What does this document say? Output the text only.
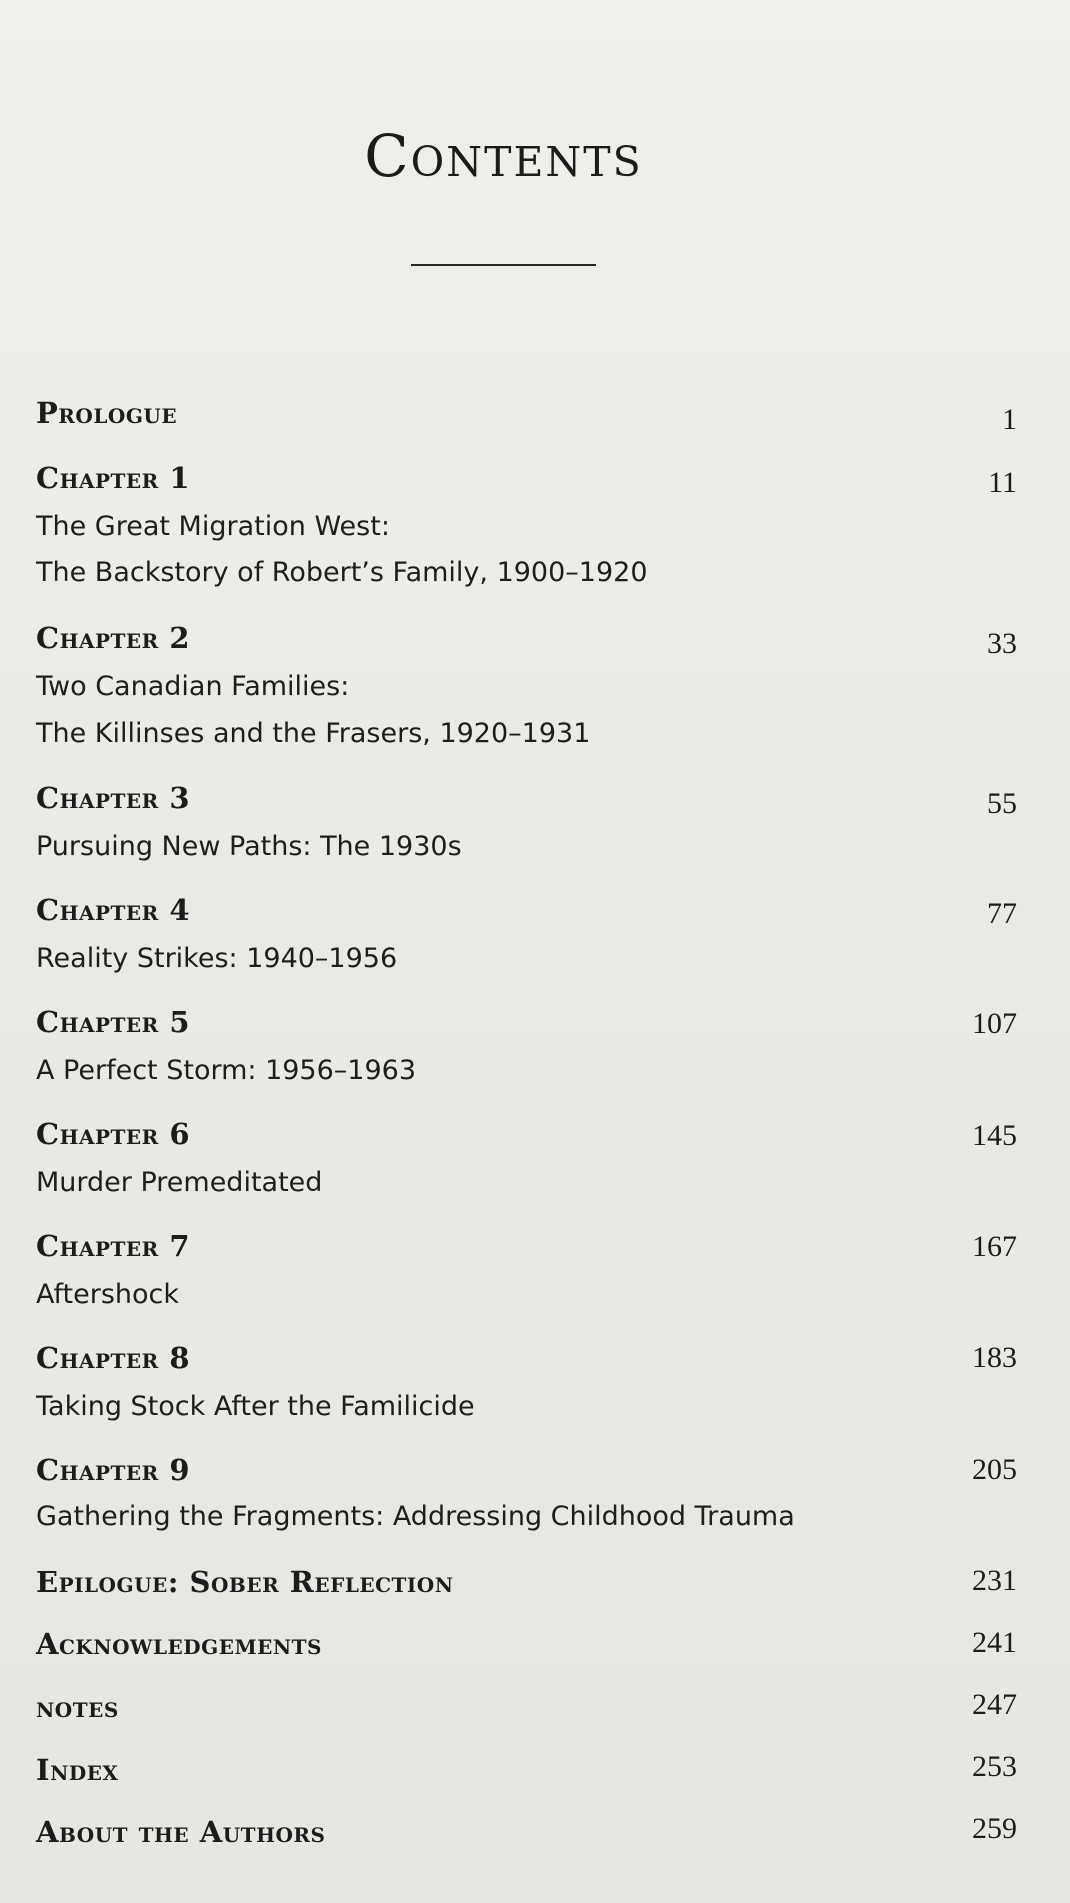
Contents
Prologue	1
Chapter 1	11
The Great Migration West:
The Backstory of Robert’s Family, 1900–1920
Chapter 2	33
Two Canadian Families:
The Killinses and the Frasers, 1920–1931
Chapter 3	55
Pursuing New Paths: The 1930s
Chapter 4	77
Reality Strikes: 1940–1956
Chapter 5	107
A Perfect Storm: 1956–1963
Chapter 6	145
Murder Premeditated
Chapter 7	167
Aftershock
Chapter 8	183
Taking Stock After the Familicide
Chapter 9	205
Gathering the Fragments: Addressing Childhood Trauma
Epilogue: Sober Reflection	231
Acknowledgements	241
notes	247
Index	253
About the Authors	259
